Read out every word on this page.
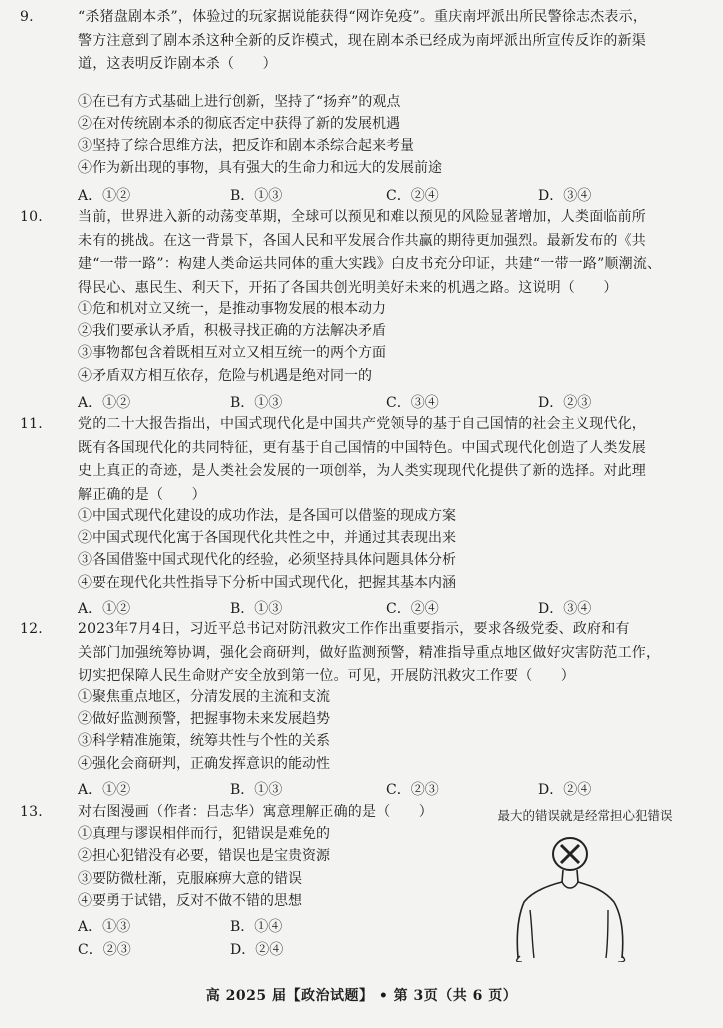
9.	“杀猪盘剧本杀”，体验过的玩家据说能获得“网诈免疫”。重庆南坪派出所民警徐志杰表示，
警方注意到了剧本杀这种全新的反诈模式，现在剧本杀已经成为南坪派出所宣传反诈的新渠
道，这表明反诈剧本杀（　　）
①在已有方式基础上进行创新，坚持了“扬弃”的观点
②在对传统剧本杀的彻底否定中获得了新的发展机遇
③坚持了综合思维方法，把反诈和剧本杀综合起来考量
④作为新出现的事物，具有强大的生命力和远大的发展前途
A．①②	B．①③	C．②④	D．③④
10.	当前，世界进入新的动荡变革期，全球可以预见和难以预见的风险显著增加，人类面临前所
未有的挑战。在这一背景下，各国人民和平发展合作共赢的期待更加强烈。最新发布的《共
建“一带一路”：构建人类命运共同体的重大实践》白皮书充分印证，共建“一带一路”顺潮流、
得民心、惠民生、利天下，开拓了各国共创光明美好未来的机遇之路。这说明（　　）
①危和机对立又统一，是推动事物发展的根本动力
②我们要承认矛盾，积极寻找正确的方法解决矛盾
③事物都包含着既相互对立又相互统一的两个方面
④矛盾双方相互依存，危险与机遇是绝对同一的
A．①②	B．①③	C．③④	D．②③
11.	党的二十大报告指出，中国式现代化是中国共产党领导的基于自己国情的社会主义现代化，
既有各国现代化的共同特征，更有基于自己国情的中国特色。中国式现代化创造了人类发展
史上真正的奇迹，是人类社会发展的一项创举，为人类实现现代化提供了新的选择。对此理
解正确的是（　　）
①中国式现代化建设的成功作法，是各国可以借鉴的现成方案
②中国式现代化寓于各国现代化共性之中，并通过其表现出来
③各国借鉴中国式现代化的经验，必须坚持具体问题具体分析
④要在现代化共性指导下分析中国式现代化，把握其基本内涵
A．①②	B．①③	C．②④	D．③④
12.	2023年7月4日，习近平总书记对防汛救灾工作作出重要指示，要求各级党委、政府和有
关部门加强统筹协调，强化会商研判，做好监测预警，精准指导重点地区做好灾害防范工作，
切实把保障人民生命财产安全放到第一位。可见，开展防汛救灾工作要（　　）
①聚焦重点地区，分清发展的主流和支流
②做好监测预警，把握事物未来发展趋势
③科学精准施策，统筹共性与个性的关系
④强化会商研判，正确发挥意识的能动性
A．①②	B．①③	C．②③	D．②④
13.	对右图漫画（作者：吕志华）寓意理解正确的是（　　）
①真理与谬误相伴而行，犯错误是难免的
②担心犯错没有必要，错误也是宝贵资源
③要防微杜渐，克服麻痹大意的错误
④要勇于试错，反对不做不错的思想
A．①③	B．①④
C．②③	D．②④
最大的错误就是经常担心犯错误
高 2025 届【政治试题】 • 第 3页（共 6 页）
